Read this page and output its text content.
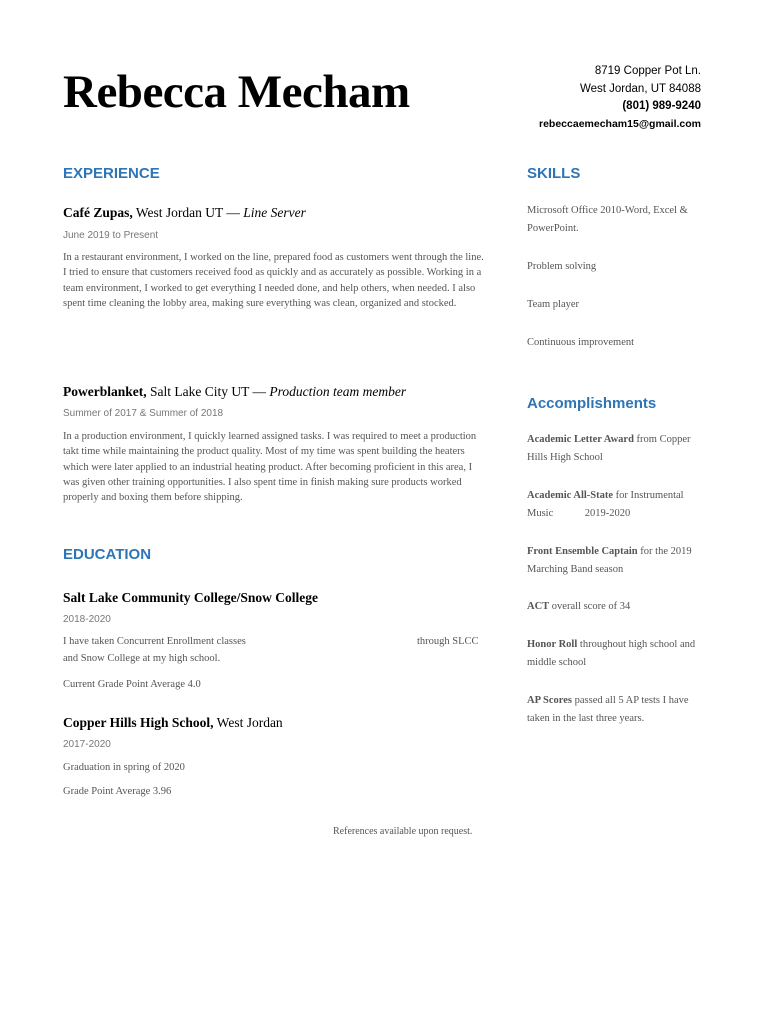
Rebecca Mecham	8719 Copper Pot Ln.
West Jordan, UT 84088
(801) 989-9240
rebeccaemecham15@gmail.com
EXPERIENCE
Café Zupas, West Jordan UT — Line Server
June 2019 to Present
In a restaurant environment, I worked on the line, prepared food as customers went through the line. I tried to ensure that customers received food as quickly and as accurately as possible. Working in a team environment, I worked to get everything I needed done, and help others, when needed. I also spent time cleaning the lobby area, making sure everything was clean, organized and stocked.
Powerblanket, Salt Lake City UT — Production team member
Summer of 2017 & Summer of 2018
In a production environment, I quickly learned assigned tasks. I was required to meet a production takt time while maintaining the product quality. Most of my time was spent building the heaters which were later applied to an industrial heating product. After becoming proficient in this area, I was given other training opportunities. I also spent time in finish making sure products worked properly and boxing them before shipping.
EDUCATION
Salt Lake Community College/Snow College
2018-2020
I have taken Concurrent Enrollment classes	through SLCC
and Snow College at my high school.
Current Grade Point Average 4.0
Copper Hills High School, West Jordan
2017-2020
Graduation in spring of 2020
Grade Point Average 3.96
References available upon request.
SKILLS
Microsoft Office 2010-Word, Excel & PowerPoint.
Problem solving
Team player
Continuous improvement
Accomplishments
Academic Letter Award from Copper Hills High School
Academic All-State for Instrumental Music            2019-2020
Front Ensemble Captain for the 2019 Marching Band season
ACT overall score of 34
Honor Roll throughout high school and middle school
AP Scores passed all 5 AP tests I have taken in the last three years.
